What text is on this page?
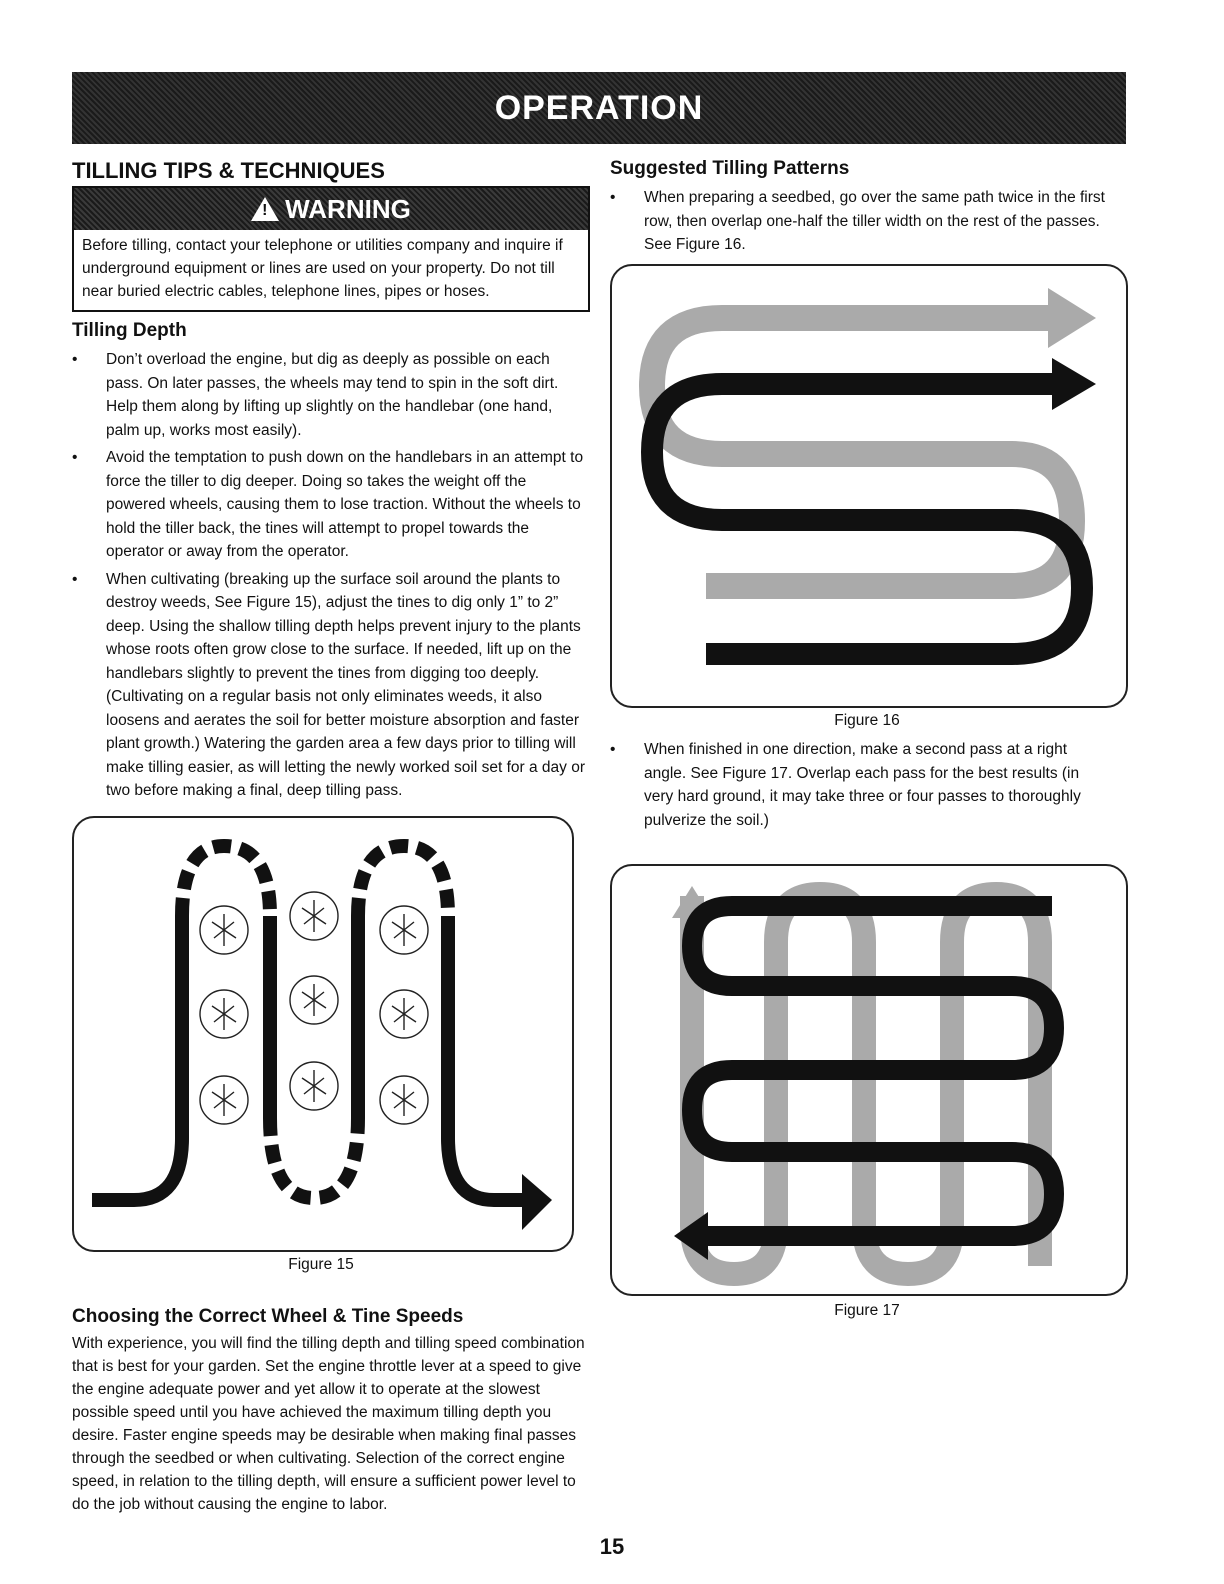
OPERATION
TILLING TIPS & TECHNIQUES
! WARNING
Before tilling, contact your telephone or utilities company and inquire if underground equipment or lines are used on your property. Do not till near buried electric cables, telephone lines, pipes or hoses.
Tilling Depth
• Don’t overload the engine, but dig as deeply as possible on each pass. On later passes, the wheels may tend to spin in the soft dirt. Help them along by lifting up slightly on the handlebar (one hand, palm up, works most easily).
• Avoid the temptation to push down on the handlebars in an attempt to force the tiller to dig deeper. Doing so takes the weight off the powered wheels, causing them to lose traction. Without the wheels to hold the tiller back, the tines will attempt to propel towards the operator or away from the operator.
• When cultivating (breaking up the surface soil around the plants to destroy weeds, See Figure 15), adjust the tines to dig only 1” to 2” deep. Using the shallow tilling depth helps prevent injury to the plants whose roots often grow close to the surface. If needed, lift up on the handlebars slightly to prevent the tines from digging too deeply. (Cultivating on a regular basis not only eliminates weeds, it also loosens and aerates the soil for better moisture absorption and faster plant growth.) Watering the garden area a few days prior to tilling will make tilling easier, as will letting the newly worked soil set for a day or two before making a final, deep tilling pass.
Figure 15
Choosing the Correct Wheel & Tine Speeds

With experience, you will find the tilling depth and tilling speed combination that is best for your garden. Set the engine throttle lever at a speed to give the engine adequate power and yet allow it to operate at the slowest possible speed until you have achieved the maximum tilling depth you desire. Faster engine speeds may be desirable when making final passes through the seedbed or when cultivating. Selection of the correct engine speed, in relation to the tilling depth, will ensure a sufficient power level to do the job without causing the engine to labor.

Suggested Tilling Patterns
• When preparing a seedbed, go over the same path twice in the first row, then overlap one-half the tiller width on the rest of the passes. See Figure 16.
Figure 16
• When finished in one direction, make a second pass at a right angle. See Figure 17. Overlap each pass for the best results (in very hard ground, it may take three or four passes to thoroughly pulverize the soil.)
Figure 17
15
